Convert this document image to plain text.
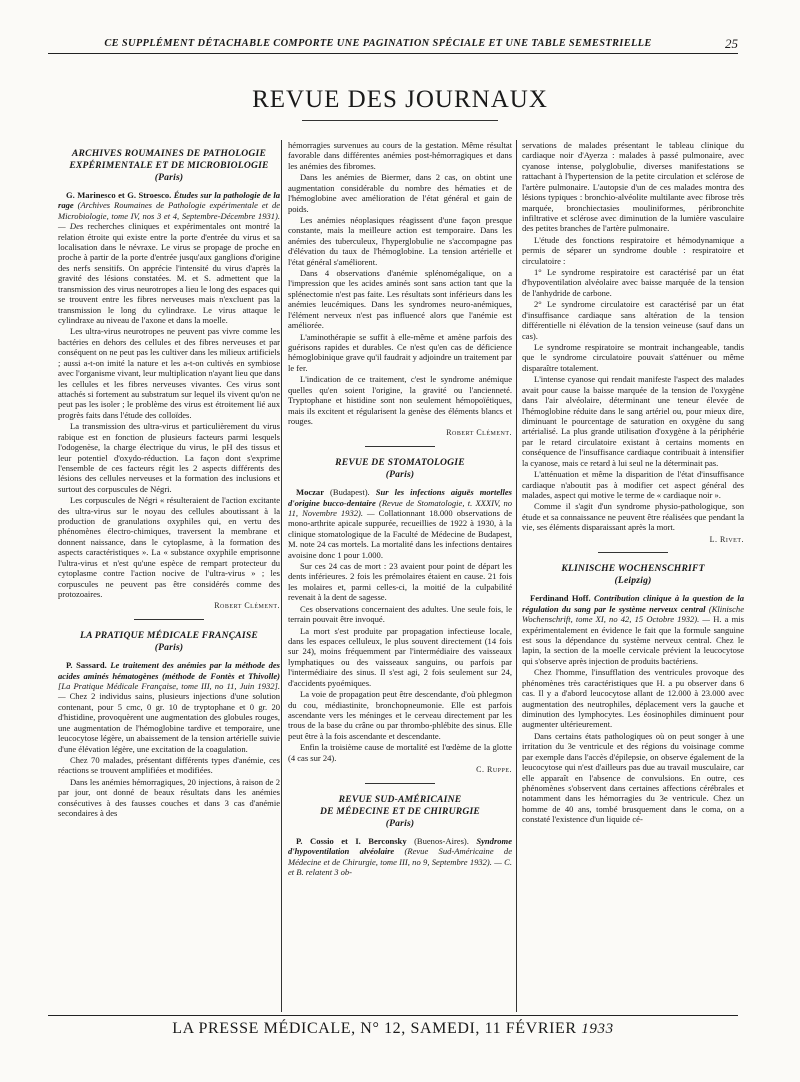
CE SUPPLÉMENT DÉTACHABLE COMPORTE UNE PAGINATION SPÉCIALE ET UNE TABLE SEMESTRIELLE	25
REVUE DES JOURNAUX
ARCHIVES ROUMAINES DE PATHOLOGIE
EXPÉRIMENTALE ET DE MICROBIOLOGIE
(Paris)

G. Marinesco et G. Stroesco. Études sur la pathologie de la rage (Archives Roumaines de Pathologie expérimentale et de Microbiologie, tome IV, nos 3 et 4, Septembre-Décembre 1931). — Des recherches cliniques et expérimentales ont montré la relation étroite qui existe entre la porte d'entrée du virus et sa localisation dans le névraxe. Le virus se propage de proche en proche à partir de la porte d'entrée jusqu'aux ganglions d'origine des nerfs sensitifs. On apprécie l'intensité du virus d'après la gravité des lésions constatées. M. et S. admettent que la transmission des virus neurotropes a lieu le long des espaces qui se trouvent entre les fibres nerveuses mais n'excluent pas la transmission le long du cylindraxe. Le virus attaque le cylindraxe au niveau de l'axone et dans la moelle.

Les ultra-virus neurotropes ne peuvent pas vivre comme les bactéries en dehors des cellules et des fibres nerveuses et par conséquent on ne peut pas les cultiver dans les milieux artificiels ; aussi a-t-on imité la nature et les a-t-on cultivés en symbiose avec l'organisme vivant, leur multiplication n'ayant lieu que dans les cellules et les fibres nerveuses vivantes. Ces virus sont attachés si fortement au substratum sur lequel ils vivent qu'on ne peut pas les isoler ; le problème des virus est étroitement lié aux progrès faits dans l'étude des colloïdes.

La transmission des ultra-virus et particulièrement du virus rabique est en fonction de plusieurs facteurs parmi lesquels l'odogenèse, la charge électrique du virus, le pH des tissus et leur potentiel d'oxydo-réduction. La façon dont s'exprime l'ensemble de ces facteurs régit les 2 aspects différents des lésions des cellules nerveuses et la formation des inclusions et surtout des corpuscules de Négri.

Les corpuscules de Négri « résulteraient de l'action excitante des ultra-virus sur le noyau des cellules aboutissant à la production de granulations oxyphiles qui, en vertu des phénomènes électro-chimiques, traversent la membrane et donnent naissance, dans le cytoplasme, à la formation des aspects caractéristiques ». La « substance oxyphile emprisonne l'ultra-virus et n'est qu'une espèce de rempart protecteur du cytoplasme contre l'action nocive de l'ultra-virus » ; les corpuscules ne peuvent pas être considérés comme des protozoaires.

Robert Clément.
LA PRATIQUE MÉDICALE FRANÇAISE
(Paris)

P. Sassard. Le traitement des anémies par la méthode des acides aminés hématogènes (méthode de Fontès et Thivolle) [La Pratique Médicale Française, tome III, no 11, Juin 1932]. — Chez 2 individus sains, plusieurs injections d'une solution contenant, pour 5 cmc, 0 gr. 10 de tryptophane et 0 gr. 20 d'histidine, provoquèrent une augmentation des globules rouges, une augmentation de l'hémoglobine tardive et temporaire, une leucocytose légère, un abaissement de la tension artérielle suivie d'une élévation légère, une excitation de la coagulation.

Chez 70 malades, présentant différents types d'anémie, ces réactions se trouvent amplifiées et modifiées.

Dans les anémies hémorragiques, 20 injections, à raison de 2 par jour, ont donné de beaux résultats dans les anémies consécutives à des fausses couches et dans 3 cas d'anémie secondaires à des

hémorragies survenues au cours de la gestation. Même résultat favorable dans différentes anémies post-hémorragiques et dans les anémies des fibromes.

Dans les anémies de Biermer, dans 2 cas, on obtint une augmentation considérable du nombre des hématies et de l'hémoglobine avec amélioration de l'état général et gain de poids.

Les anémies néoplasiques réagissent d'une façon presque constante, mais la meilleure action est temporaire. Dans les anémies des tuberculeux, l'hyperglobulie ne s'accompagne pas d'élévation du taux de l'hémoglobine. La tension artérielle et l'état général s'améliorent.

Dans 4 observations d'anémie splénomégalique, on a l'impression que les acides aminés sont sans action tant que la splénectomie n'est pas faite. Les résultats sont inférieurs dans les anémies leucémiques. Dans les syndromes neuro-anémiques, l'élément nerveux n'est pas influencé alors que l'anémie est améliorée.

L'aminothérapie se suffit à elle-même et amène parfois des guérisons rapides et durables. Ce n'est qu'en cas de déficience hémoglobinique grave qu'il faudrait y adjoindre un traitement par le fer.

L'indication de ce traitement, c'est le syndrome anémique quelles qu'en soient l'origine, la gravité ou l'ancienneté. Tryptophane et histidine sont non seulement hémopoïétiques, mais ils excitent et régularisent la genèse des éléments blancs et rouges.

Robert Clément.
REVUE DE STOMATOLOGIE
(Paris)

Moczar (Budapest). Sur les infections aiguës mortelles d'origine bucco-dentaire (Revue de Stomatologie, t. XXXIV, no 11, Novembre 1932). — Collationnant 18.000 observations de mono-arthrite apicale suppurée, recueillies de 1922 à 1930, à la clinique stomatologique de la Faculté de Médecine de Budapest, M. note 24 cas mortels. La mortalité dans les infections dentaires avoisine donc 1 pour 1.000.

Sur ces 24 cas de mort : 23 avaient pour point de départ les dents inférieures. 2 fois les prémolaires étaient en cause. 21 fois les molaires et, parmi celles-ci, la moitié de la culpabilité revenait à la dent de sagesse.

Ces observations concernaient des adultes. Une seule fois, le terrain pouvait être invoqué.

La mort s'est produite par propagation infectieuse locale, dans les espaces celluleux, le plus souvent directement (14 fois sur 24), moins fréquemment par l'intermédiaire des vaisseaux lymphatiques ou des vaisseaux sanguins, ou parfois par l'intermédiaire des sinus. Il s'est agi, 2 fois seulement sur 24, d'accidents pyoémiques.

La voie de propagation peut être descendante, d'où phlegmon du cou, médiastinite, bronchopneumonie. Elle est parfois ascendante vers les méninges et le cerveau directement par les trous de la base du crâne ou par thrombo-phlébite des sinus. Elle peut être à la fois ascendante et descendante.

Enfin la troisième cause de mortalité est l'œdème de la glotte (4 cas sur 24).

C. Ruppe.
REVUE SUD-AMÉRICAINE
DE MÉDECINE ET DE CHIRURGIE
(Paris)

P. Cossio et I. Berconsky (Buenos-Aires). Syndrome d'hypoventilation alvéolaire (Revue Sud-Américaine de Médecine et de Chirurgie, tome III, no 9, Septembre 1932). — C. et B. relatent 3 ob-

servations de malades présentant le tableau clinique du cardiaque noir d'Ayerza : malades à passé pulmonaire, avec cyanose intense, polyglobulie, diverses manifestations se rattachant à l'hypertension de la petite circulation et sclérose de l'artère pulmonaire. L'autopsie d'un de ces malades montra des lésions typiques : bronchio-alvéolite multilante avec fibrose très marquée, bronchiectasies mouliniformes, péribronchite infiltrative et sclérose avec diminution de la lumière vasculaire des petites branches de l'artère pulmonaire.

L'étude des fonctions respiratoire et hémodynamique a permis de séparer un syndrome double : respiratoire et circulatoire :

1° Le syndrome respiratoire est caractérisé par un état d'hypoventilation alvéolaire avec baisse marquée de la tension de l'anhydride de carbone.

2° Le syndrome circulatoire est caractérisé par un état d'insuffisance cardiaque sans altération de la tension différentielle ni élévation de la tension veineuse (sauf dans un cas).

Le syndrome respiratoire se montrait inchangeable, tandis que le syndrome circulatoire pouvait s'atténuer ou même disparaître totalement.

L'intense cyanose qui rendait manifeste l'aspect des malades avait pour cause la baisse marquée de la tension de l'oxygène dans l'air alvéolaire, déterminant une teneur élevée de l'hémoglobine réduite dans le sang artériel ou, pour mieux dire, diminuant le pourcentage de saturation en oxygène du sang artérialisé. La plus grande utilisation d'oxygène à la périphérie par le retard circulatoire existant à certains moments en conséquence de l'insuffisance cardiaque contribuait à intensifier la cyanose, mais ce retard à lui seul ne la déterminait pas.

L'atténuation et même la disparition de l'état d'insuffisance cardiaque n'aboutit pas à modifier cet aspect général des malades, aspect qui motive le terme de « cardiaque noir ».

Comme il s'agit d'un syndrome physio-pathologique, son étude et sa connaissance ne peuvent être réalisées que pendant la vie, ses éléments disparaissant après la mort.

L. Rivet.
KLINISCHE WOCHENSCHRIFT
(Leipzig)

Ferdinand Hoff. Contribution clinique à la question de la régulation du sang par le système nerveux central (Klinische Wochenschrift, tome XI, no 42, 15 Octobre 1932). — H. a mis expérimentalement en évidence le fait que la formule sanguine est sous la dépendance du système nerveux central. Chez le lapin, la section de la moelle cervicale prévient la leucocytose qui s'observe après injection de produits bactériens.

Chez l'homme, l'insufflation des ventricules provoque des phénomènes très caractéristiques que H. a pu observer dans 6 cas. Il y a d'abord leucocytose allant de 12.000 à 23.000 avec augmentation des neutrophiles, déplacement vers la gauche et diminution des lymphocytes. Les éosinophiles diminuent pour augmenter ultérieurement.

Dans certains états pathologiques où on peut songer à une irritation du 3e ventricule et des régions du voisinage comme par exemple dans l'accès d'épilepsie, on observe également de la leucocytose qui n'est d'ailleurs pas due au travail musculaire, car elle apparaît en l'absence de convulsions. En outre, ces phénomènes s'observent dans certaines affections cérébrales et notamment dans les hémorragies du 3e ventricule. Chez un homme de 40 ans, tombé brusquement dans le coma, on a constaté l'existence d'un liquide cé-

LA PRESSE MÉDICALE, N° 12, SAMEDI, 11 FÉVRIER 1933
